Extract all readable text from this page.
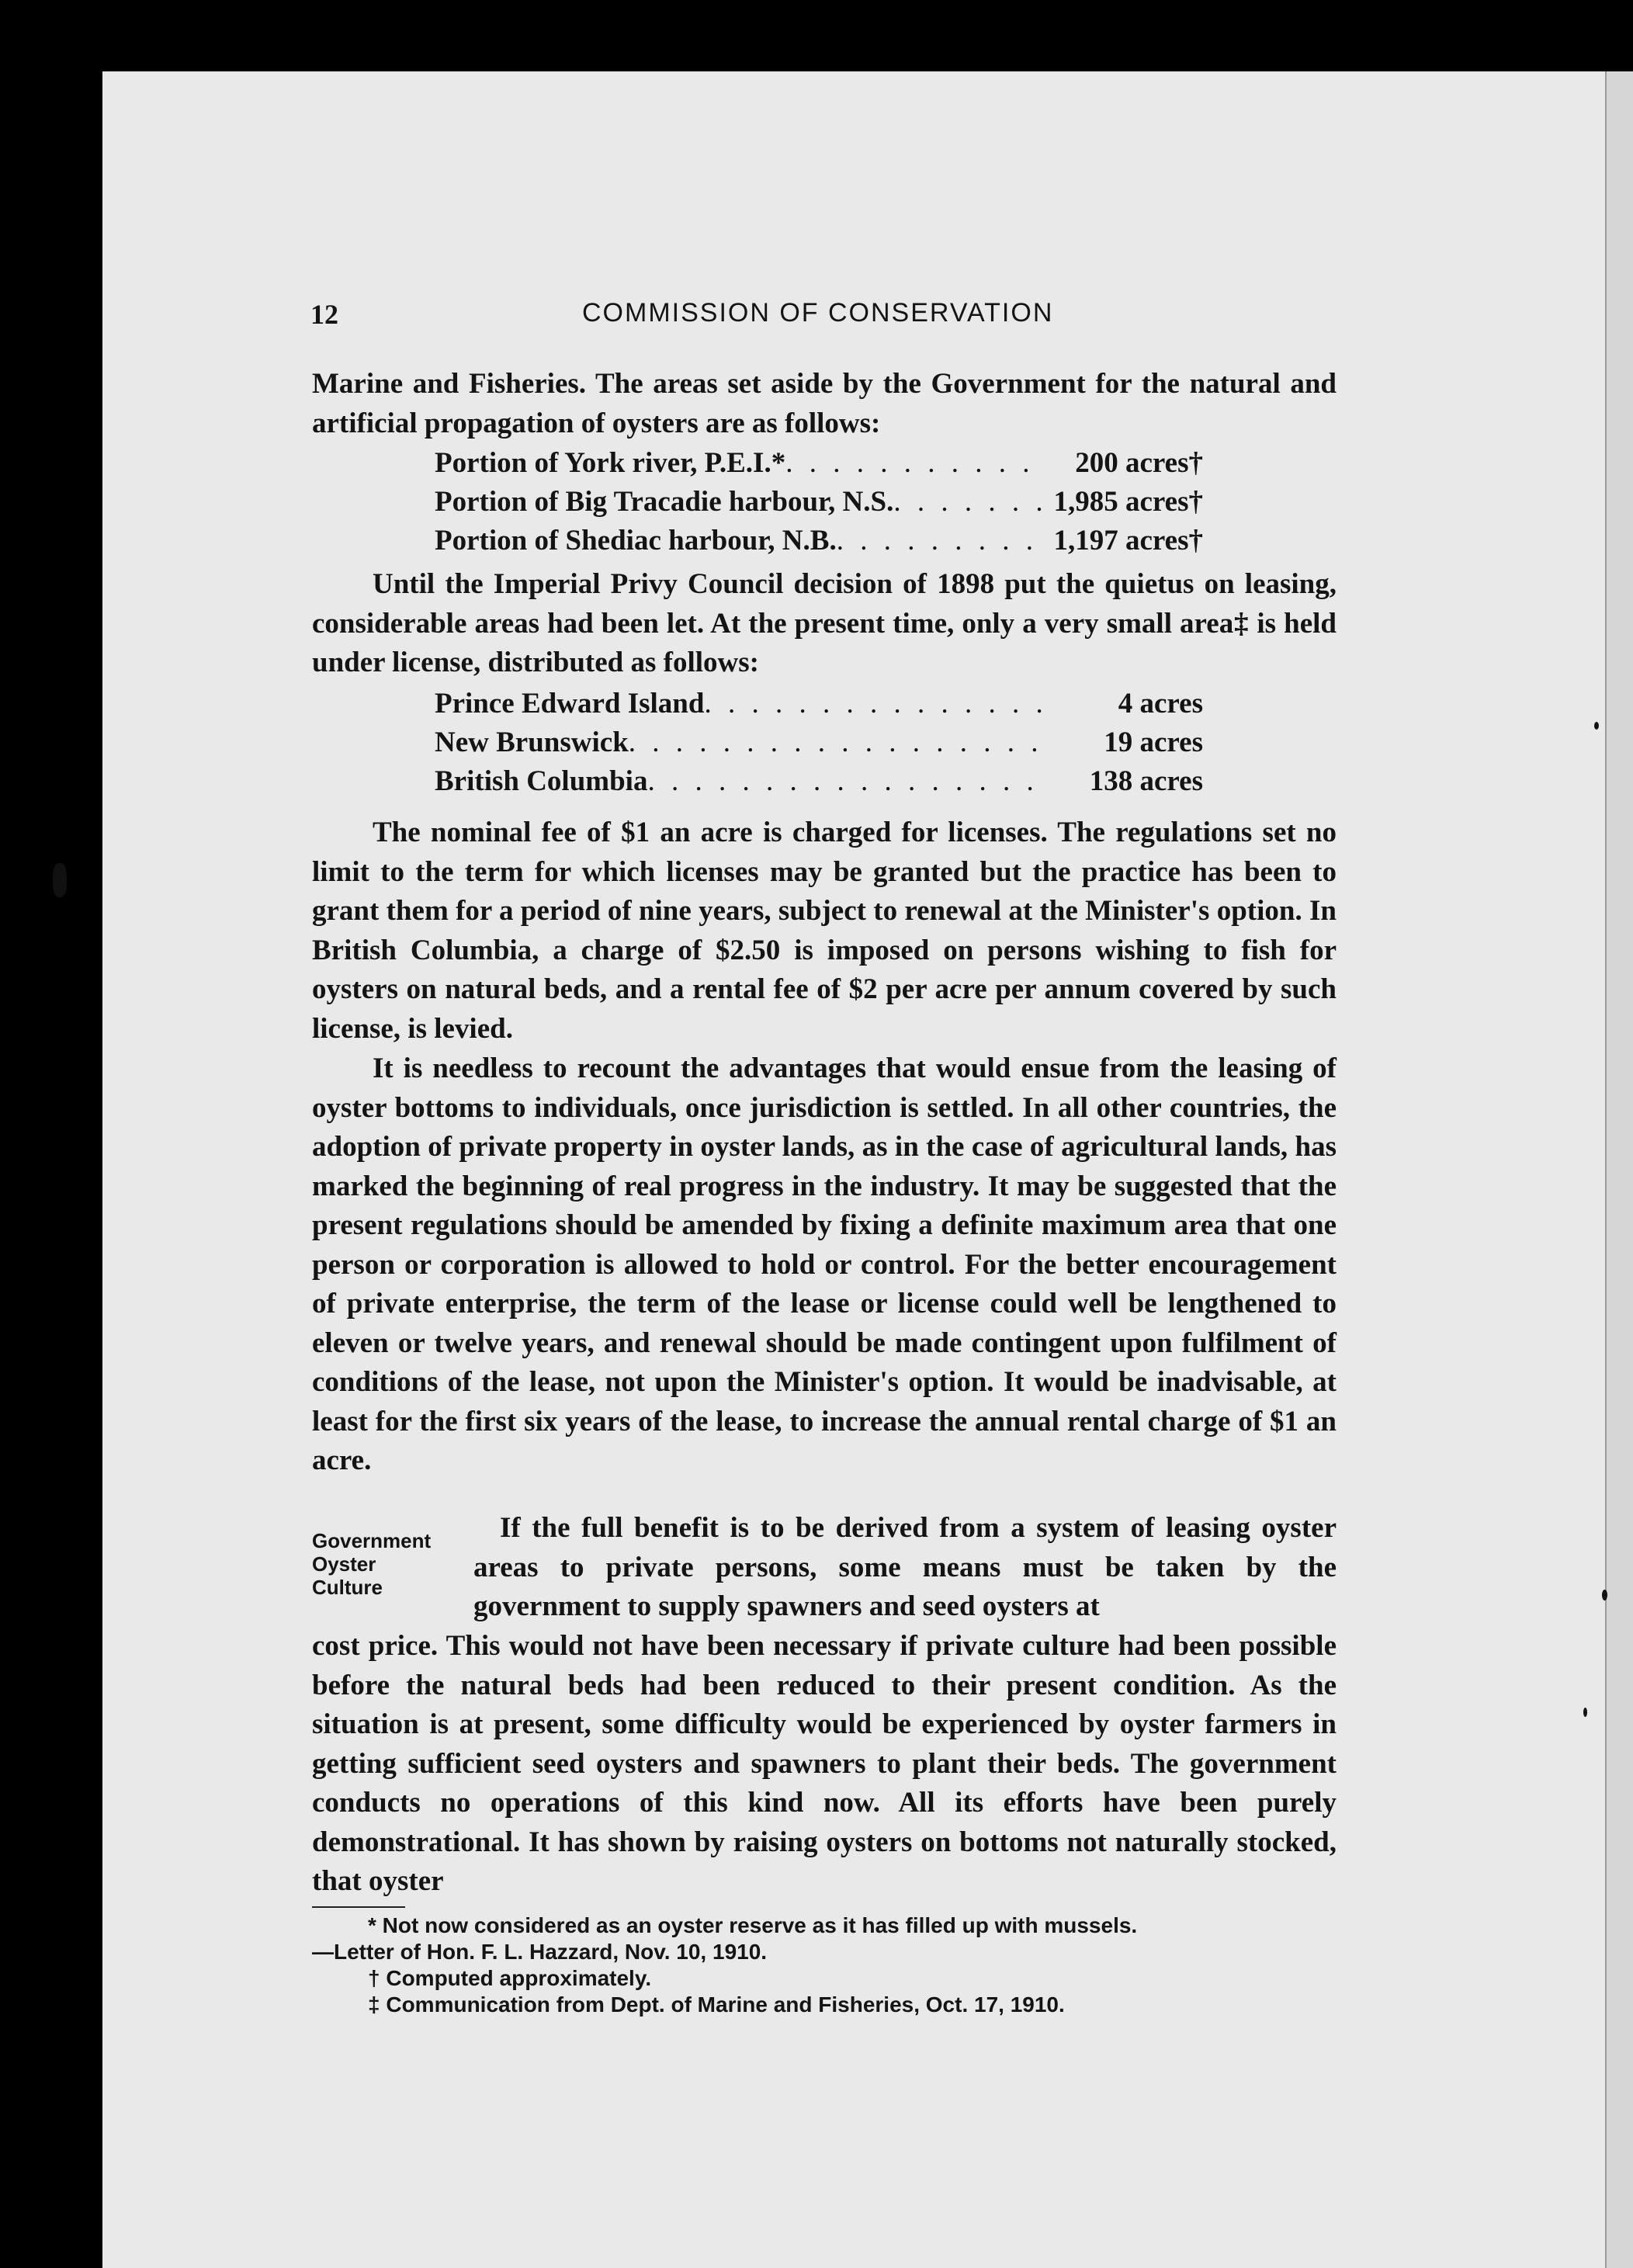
12	COMMISSION OF CONSERVATION

Marine and Fisheries. The areas set aside by the Government for the natural and artificial propagation of oysters are as follows:

Portion of York river, P.E.I.* . . .	200 acres†
Portion of Big Tracadie harbour, N.S. . . .	1,985 acres†
Portion of Shediac harbour, N.B. . . .	1,197 acres†

Until the Imperial Privy Council decision of 1898 put the quietus on leasing, considerable areas had been let. At the present time, only a very small area‡ is held under license, distributed as follows:

Prince Edward Island . . .	4 acres
New Brunswick . . .	19 acres
British Columbia . . .	138 acres

The nominal fee of $1 an acre is charged for licenses. The regulations set no limit to the term for which licenses may be granted but the practice has been to grant them for a period of nine years, subject to renewal at the Minister's option. In British Columbia, a charge of $2.50 is imposed on persons wishing to fish for oysters on natural beds, and a rental fee of $2 per acre per annum covered by such license, is levied.

It is needless to recount the advantages that would ensue from the leasing of oyster bottoms to individuals, once jurisdiction is settled. In all other countries, the adoption of private property in oyster lands, as in the case of agricultural lands, has marked the beginning of real progress in the industry. It may be suggested that the present regulations should be amended by fixing a definite maximum area that one person or corporation is allowed to hold or control. For the better encouragement of private enterprise, the term of the lease or license could well be lengthened to eleven or twelve years, and renewal should be made contingent upon fulfilment of conditions of the lease, not upon the Minister's option. It would be inadvisable, at least for the first six years of the lease, to increase the annual rental charge of $1 an acre.

Government
Oyster
Culture

If the full benefit is to be derived from a system of leasing oyster areas to private persons, some means must be taken by the government to supply spawners and seed oysters at

cost price. This would not have been necessary if private culture had been possible before the natural beds had been reduced to their present condition. As the situation is at present, some difficulty would be experienced by oyster farmers in getting sufficient seed oysters and spawners to plant their beds. The government conducts no operations of this kind now. All its efforts have been purely demonstrational. It has shown by raising oysters on bottoms not naturally stocked, that oyster

* Not now considered as an oyster reserve as it has filled up with mussels.
—Letter of Hon. F. L. Hazzard, Nov. 10, 1910.
† Computed approximately.
‡ Communication from Dept. of Marine and Fisheries, Oct. 17, 1910.
